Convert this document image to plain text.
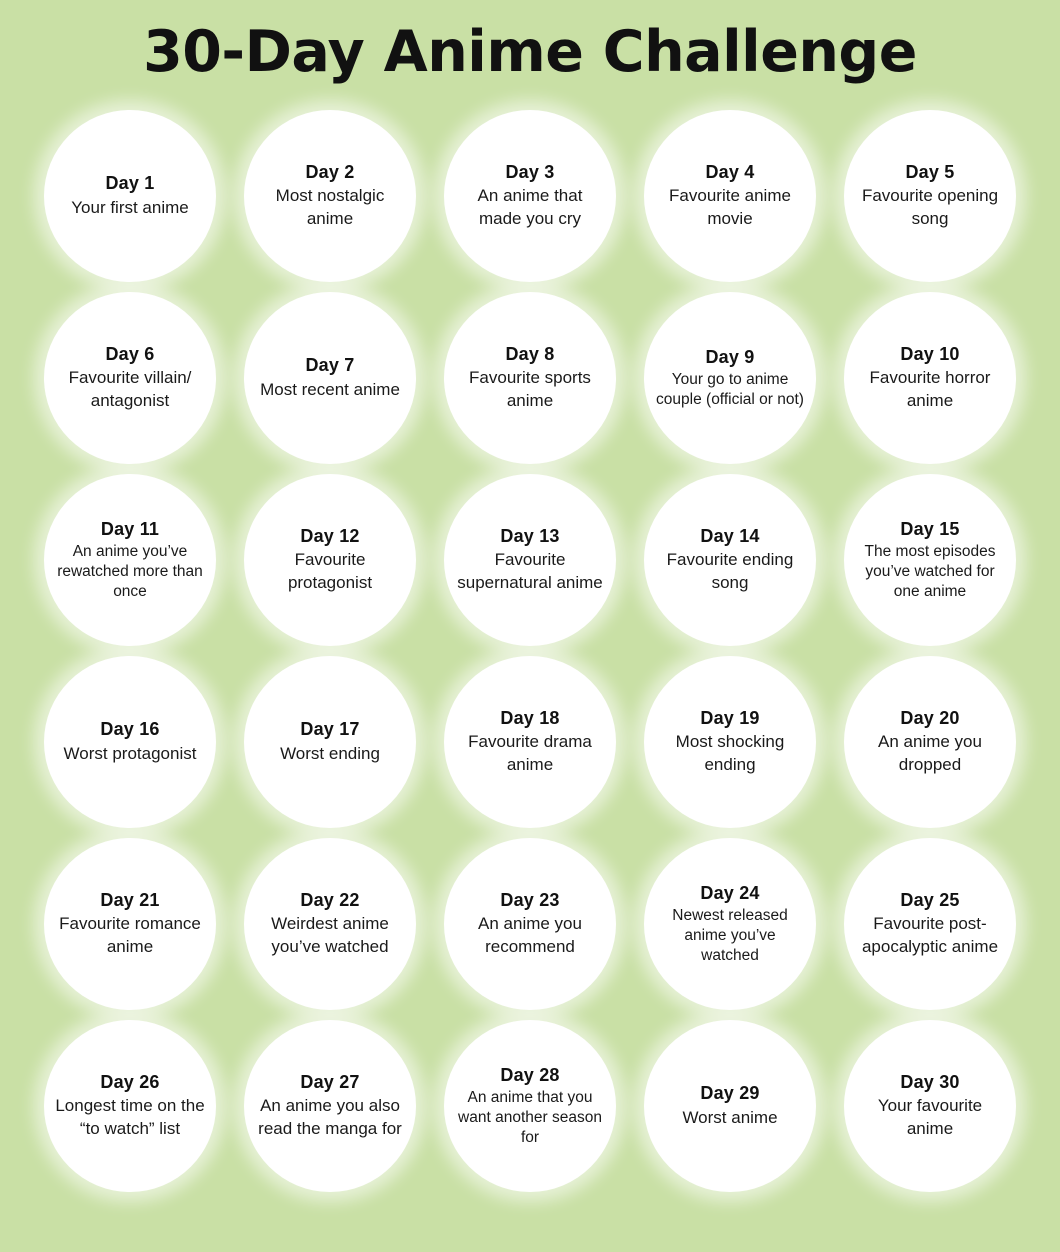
30-Day Anime Challenge
Day 1
Your first anime
Day 2
Most nostalgic anime
Day 3
An anime that made you cry
Day 4
Favourite anime movie
Day 5
Favourite opening song
Day 6
Favourite villain/ antagonist
Day 7
Most recent anime
Day 8
Favourite sports anime
Day 9
Your go to anime couple (official or not)
Day 10
Favourite horror anime
Day 11
An anime you’ve rewatched more than once
Day 12
Favourite protagonist
Day 13
Favourite supernatural anime
Day 14
Favourite ending song
Day 15
The most episodes you’ve watched for one anime
Day 16
Worst protagonist
Day 17
Worst ending
Day 18
Favourite drama anime
Day 19
Most shocking ending
Day 20
An anime you dropped
Day 21
Favourite romance anime
Day 22
Weirdest anime you’ve watched
Day 23
An anime you recommend
Day 24
Newest released anime you’ve watched
Day 25
Favourite post-apocalyptic anime
Day 26
Longest time on the “to watch” list
Day 27
An anime you also read the manga for
Day 28
An anime that you want another season for
Day 29
Worst anime
Day 30
Your favourite anime
